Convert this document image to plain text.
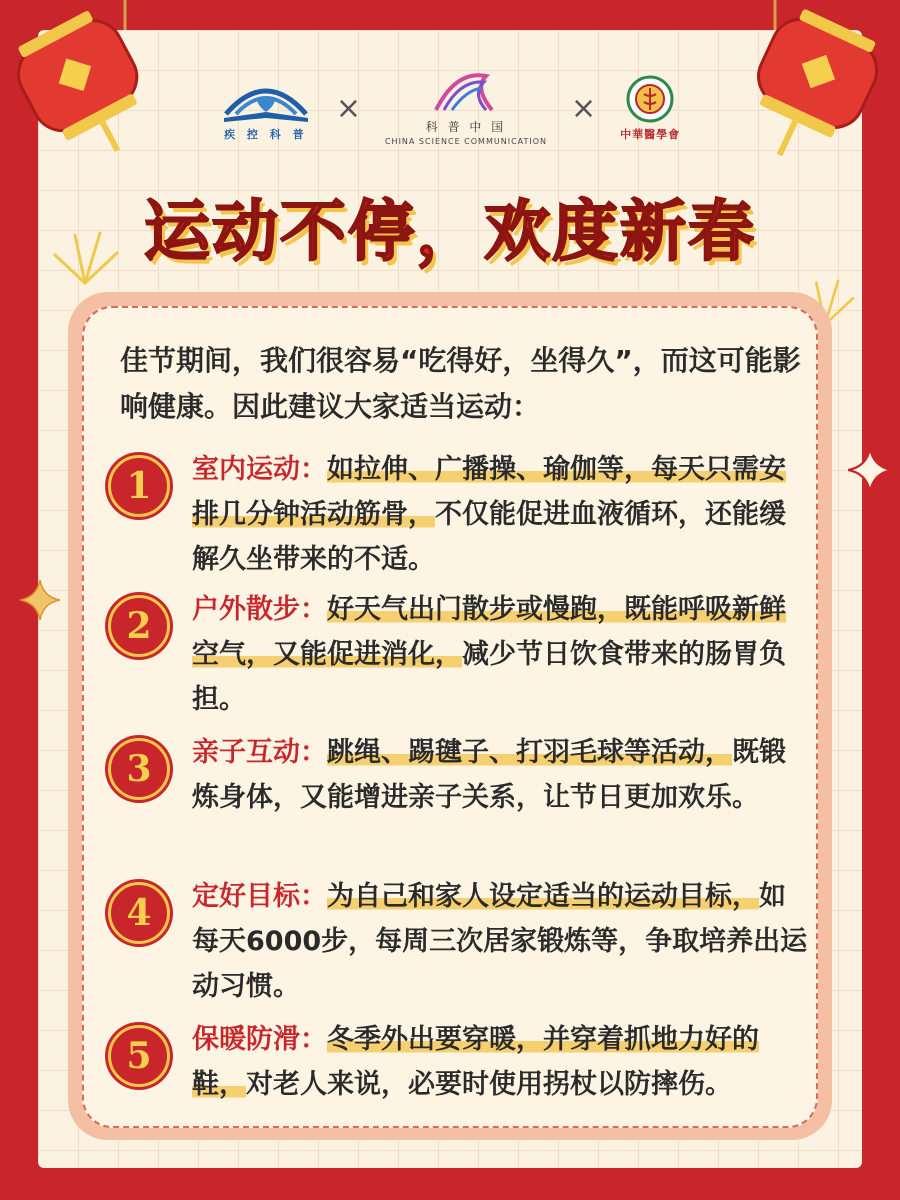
疾 控 科 普
×
科 普 中 国
CHINA SCIENCE COMMUNICATION
×
中華醫學會
运动不停，欢度新春
佳节期间，我们很容易“吃得好，坐得久”，而这可能影响健康。因此建议大家适当运动：
1	室内运动：如拉伸、广播操、瑜伽等，每天只需安排几分钟活动筋骨，不仅能促进血液循环，还能缓解久坐带来的不适。
2	户外散步：好天气出门散步或慢跑，既能呼吸新鲜空气，又能促进消化，减少节日饮食带来的肠胃负担。
3	亲子互动：跳绳、踢毽子、打羽毛球等活动，既锻炼身体，又能增进亲子关系，让节日更加欢乐。
4	定好目标：为自己和家人设定适当的运动目标，如每天6000步，每周三次居家锻炼等，争取培养出运动习惯。
5	保暖防滑：冬季外出要穿暖，并穿着抓地力好的鞋，对老人来说，必要时使用拐杖以防摔伤。
